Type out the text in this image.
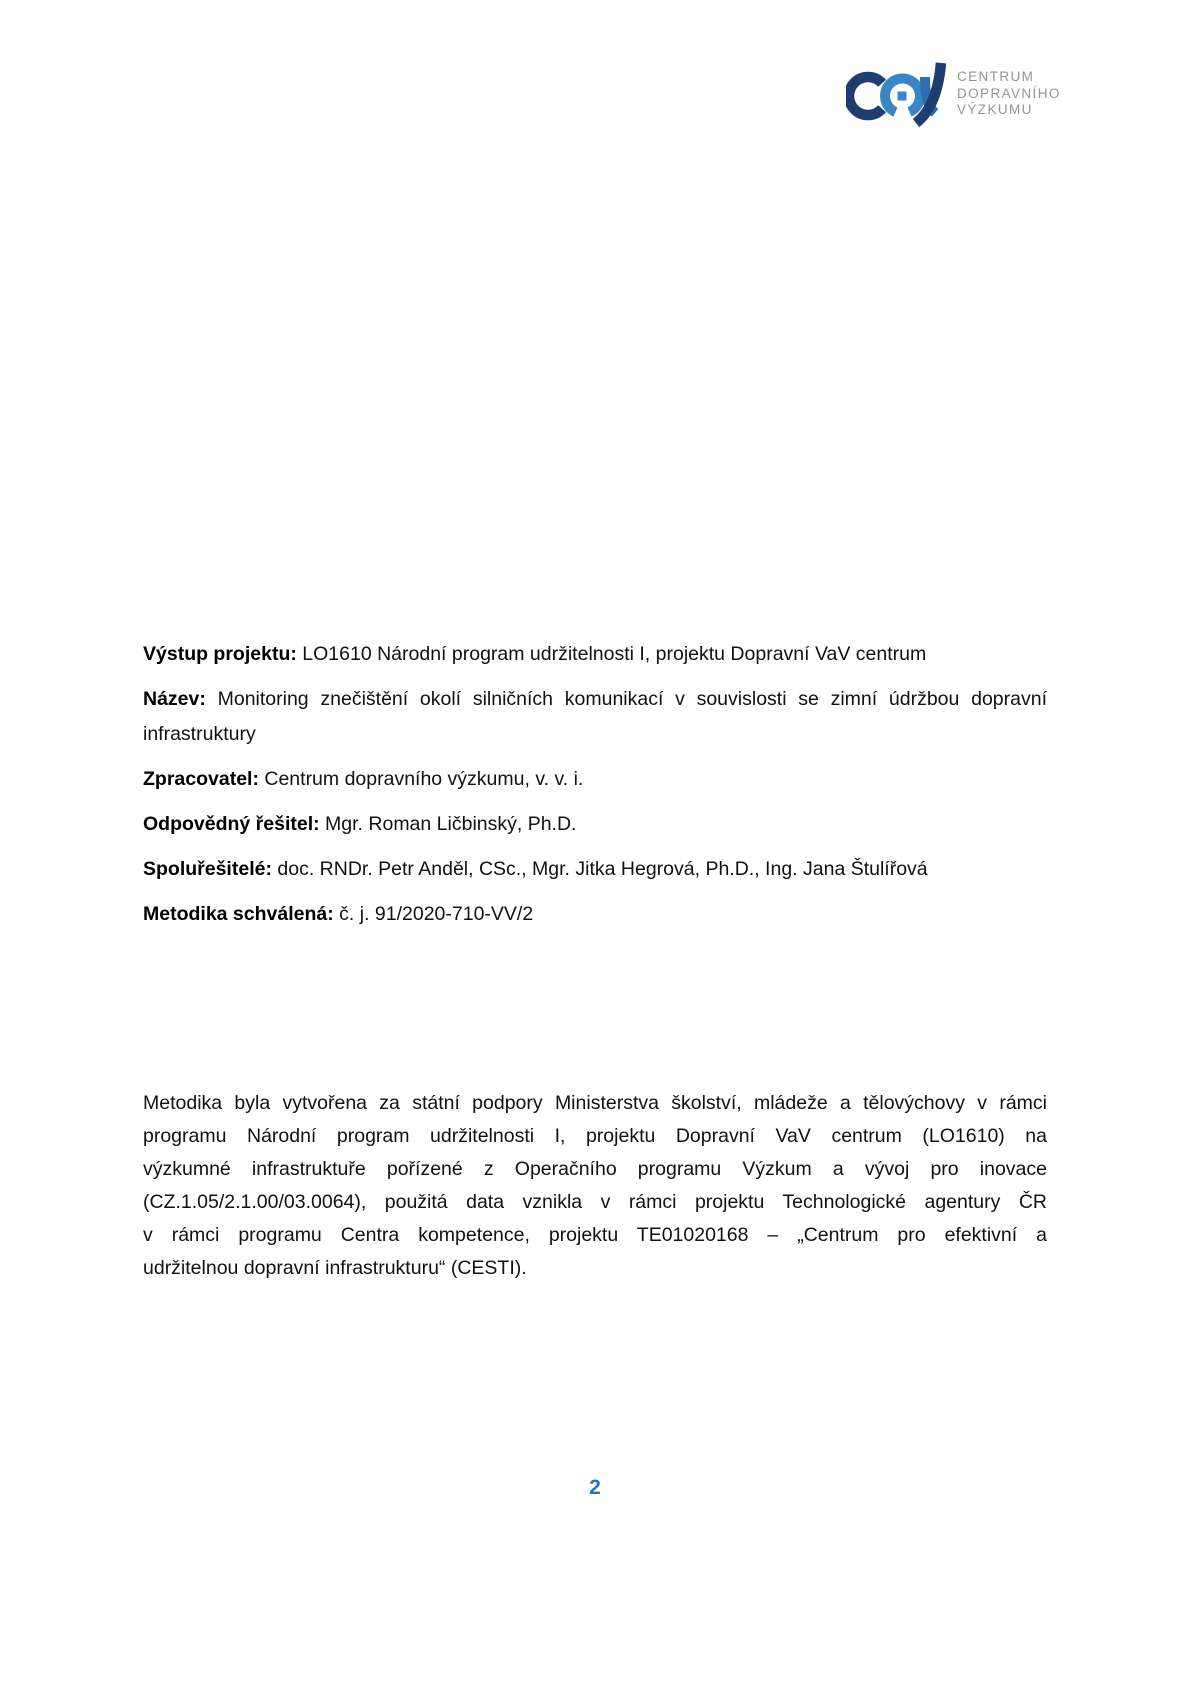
CENTRUM
DOPRAVNÍHO
VÝZKUMU

Výstup projektu: LO1610 Národní program udržitelnosti I, projektu Dopravní VaV centrum

Název: Monitoring znečištění okolí silničních komunikací v souvislosti se zimní údržbou dopravní infrastruktury

Zpracovatel: Centrum dopravního výzkumu, v. v. i.

Odpovědný řešitel: Mgr. Roman Ličbinský, Ph.D.

Spoluřešitelé: doc. RNDr. Petr Anděl, CSc., Mgr. Jitka Hegrová, Ph.D., Ing. Jana Štulířová

Metodika schválená: č. j. 91/2020-710-VV/2

Metodika byla vytvořena za státní podpory Ministerstva školství, mládeže a tělovýchovy v rámci
programu Národní program udržitelnosti I, projektu Dopravní VaV centrum (LO1610) na
výzkumné infrastruktuře pořízené z Operačního programu Výzkum a vývoj pro inovace
(CZ.1.05/2.1.00/03.0064), použitá data vznikla v rámci projektu Technologické agentury ČR
v rámci programu Centra kompetence, projektu TE01020168 – „Centrum pro efektivní a
udržitelnou dopravní infrastrukturu“ (CESTI).
2
